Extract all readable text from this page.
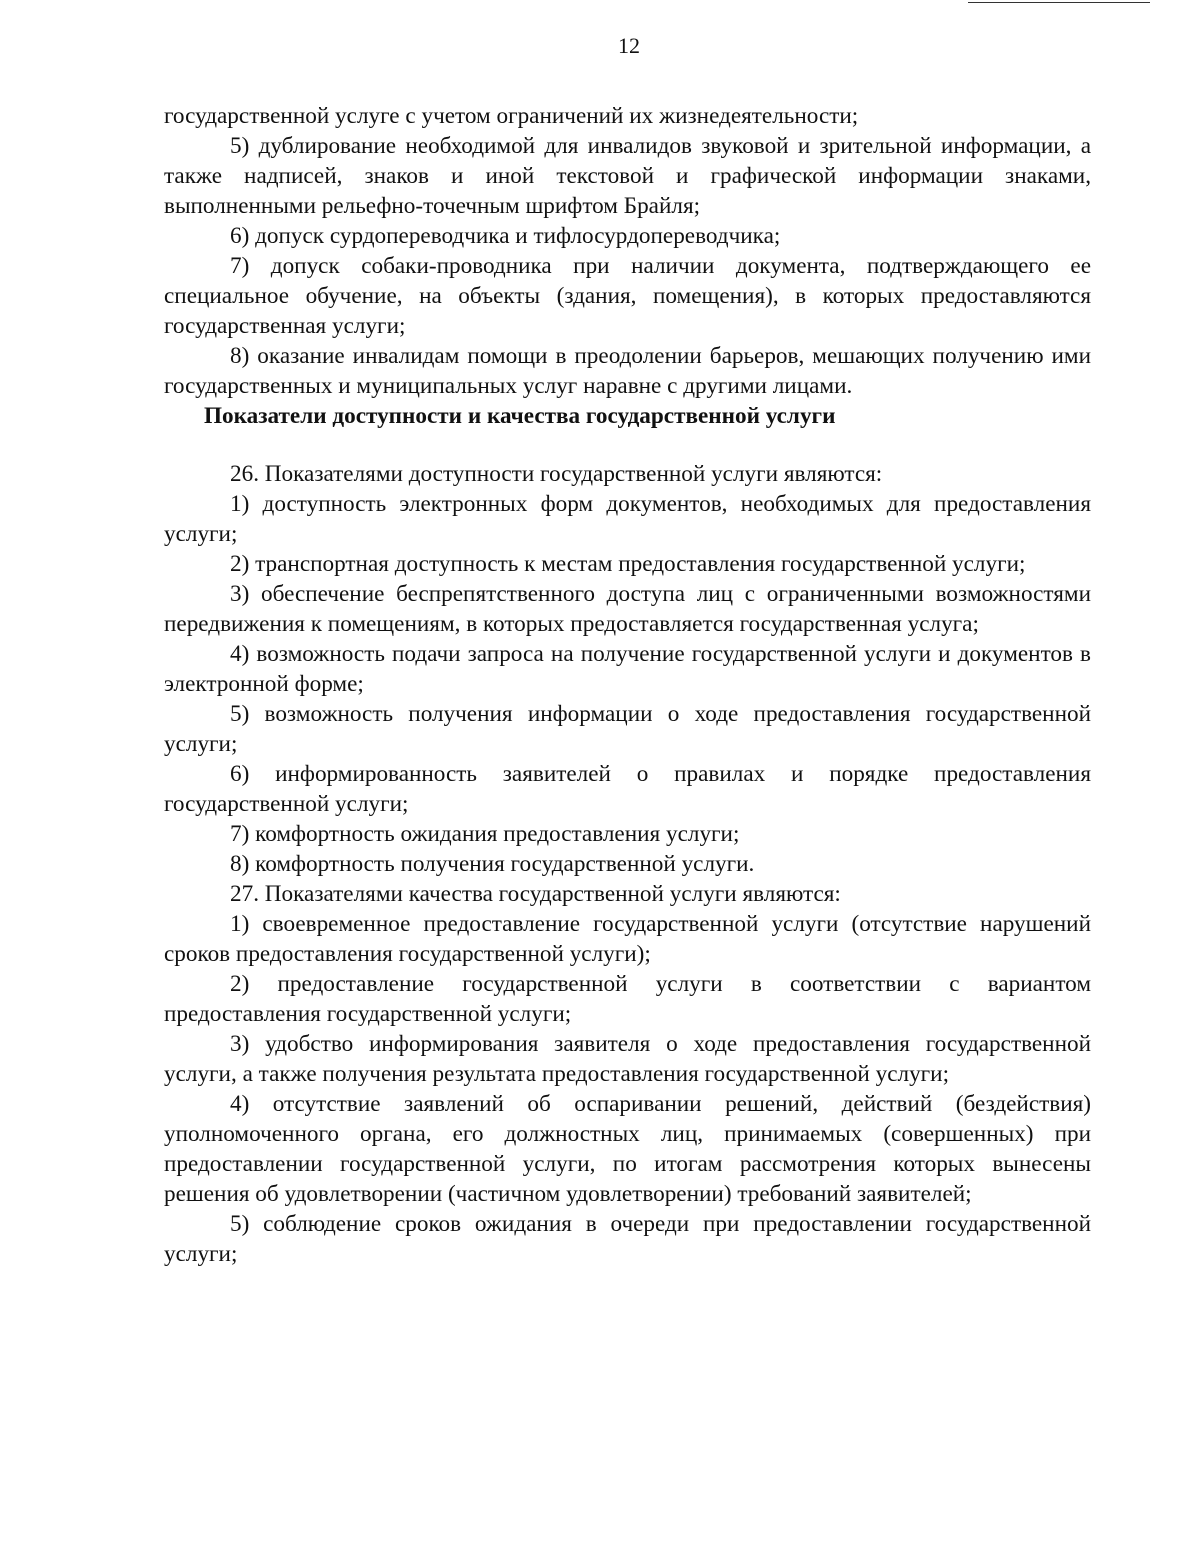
12

государственной услуге с учетом ограничений их жизнедеятельности;

5) дублирование необходимой для инвалидов звуковой и зрительной информации, а также надписей, знаков и иной текстовой и графической информации знаками, выполненными рельефно-точечным шрифтом Брайля;

6) допуск сурдопереводчика и тифлосурдопереводчика;

7) допуск собаки-проводника при наличии документа, подтверждающего ее специальное обучение, на объекты (здания, помещения), в которых предоставляются государственная услуги;

8) оказание инвалидам помощи в преодолении барьеров, мешающих получению ими государственных и муниципальных услуг наравне с другими лицами.

Показатели доступности и качества государственной услуги

26. Показателями доступности государственной услуги являются:

1) доступность электронных форм документов, необходимых для предоставления услуги;

2) транспортная доступность к местам предоставления государственной услуги;

3) обеспечение беспрепятственного доступа лиц с ограниченными возможностями передвижения к помещениям, в которых предоставляется государственная услуга;

4) возможность подачи запроса на получение государственной услуги и документов в электронной форме;

5) возможность получения информации о ходе предоставления государственной услуги;

6) информированность заявителей о правилах и порядке предоставления государственной услуги;

7) комфортность ожидания предоставления услуги;

8) комфортность получения государственной услуги.

27. Показателями качества государственной услуги являются:

1) своевременное предоставление государственной услуги (отсутствие нарушений сроков предоставления государственной услуги);

2) предоставление государственной услуги в соответствии с вариантом предоставления государственной услуги;

3) удобство информирования заявителя о ходе предоставления государственной услуги, а также получения результата предоставления государственной услуги;

4) отсутствие заявлений об оспаривании решений, действий (бездействия) уполномоченного органа, его должностных лиц, принимаемых (совершенных) при предоставлении государственной услуги, по итогам рассмотрения которых вынесены решения об удовлетворении (частичном удовлетворении) требований заявителей;

5) соблюдение сроков ожидания в очереди при предоставлении государственной услуги;
